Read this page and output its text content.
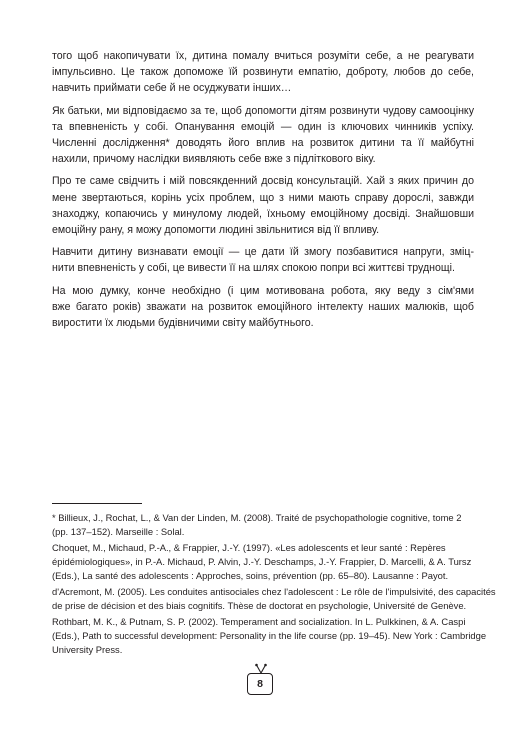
того щоб накопичувати їх, дитина помалу вчиться розуміти себе, а не реагувати
імпульсивно. Це також допоможе їй розвинути емпатію, доброту, любов до себе,
навчить приймати себе й не осуджувати інших…

Як батьки, ми відповідаємо за те, щоб допомогти дітям розвинути чудову самооцінку
та впевненість у собі. Опанування емоцій — один із ключових чинників успіху.
Численні дослідження* доводять його вплив на розвиток дитини та її майбутні
нахили, причому наслідки виявляють себе вже з підліткового віку.

Про те саме свідчить і мій повсякденний досвід консультацій. Хай з яких причин до
мене звертаються, корінь усіх проблем, що з ними мають справу дорослі, завжди
знаходжу, копаючись у минулому людей, їхньому емоційному досвіді. Знайшовши
емоційну рану, я можу допомогти людині звільнитися від її впливу.

Навчити дитину визнавати емоції — це дати їй змогу позбавитися напруги, зміц-
нити впевненість у собі, це вивести її на шлях спокою попри всі життєві труднощі.

На мою думку, конче необхідно (і цим мотивована робота, яку веду з сім'ями
вже багато років) зважати на розвиток емоційного інтелекту наших малюків, щоб
виростити їх людьми будівничими світу майбутнього.

* Billieux, J., Rochat, L., & Van der Linden, M. (2008). Traité de psychopathologie cognitive, tome 2
(pp. 137–152). Marseille : Solal.

Choquet, M., Michaud, P.-A., & Frappier, J.-Y. (1997). «Les adolescents et leur santé : Repères
épidémiologiques», in P.-A. Michaud, P. Alvin, J.-Y. Deschamps, J.-Y. Frappier, D. Marcelli, & A. Tursz
(Eds.), La santé des adolescents : Approches, soins, prévention (pp. 65–80). Lausanne : Payot.

d'Acremont, M. (2005). Les conduites antisociales chez l'adolescent : Le rôle de l'impulsivité, des capacités
de prise de décision et des biais cognitifs. Thèse de doctorat en psychologie, Université de Genève.

Rothbart, M. K., & Putnam, S. P. (2002). Temperament and socialization. In L. Pulkkinen, & A. Caspi
(Eds.), Path to successful development: Personality in the life course (pp. 19–45). New York : Cambridge
University Press.

8
